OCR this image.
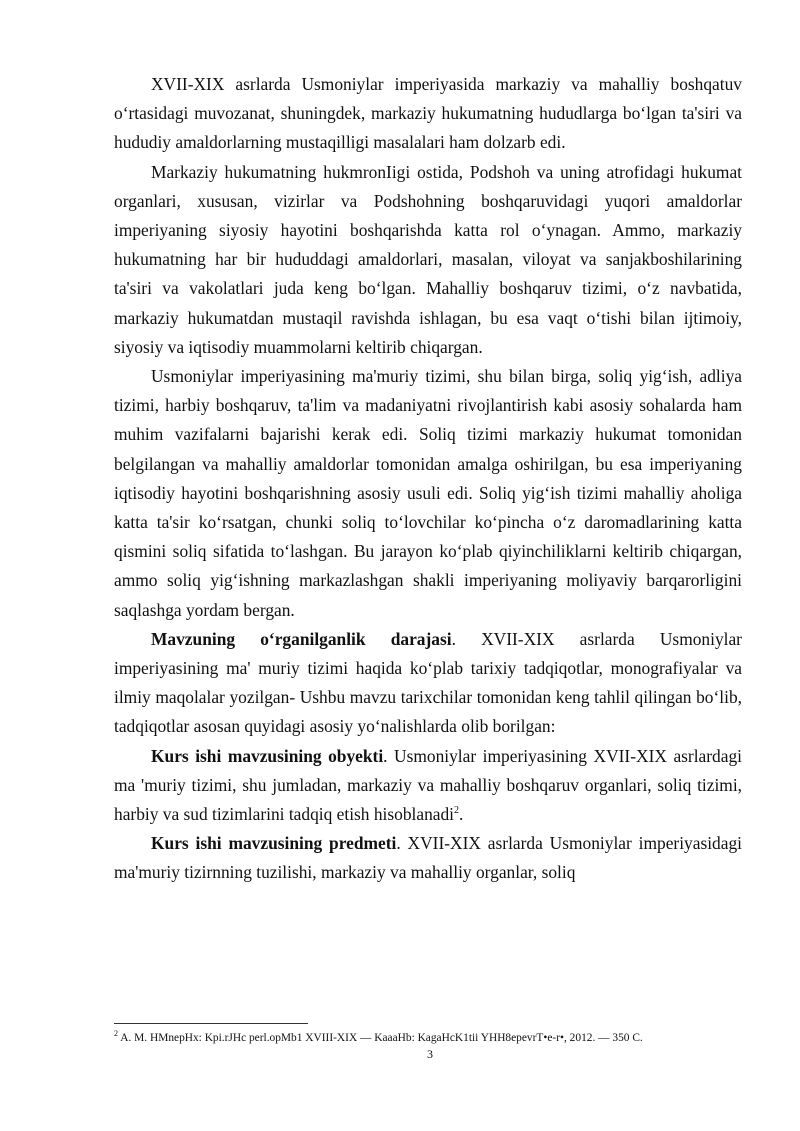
XVII-XIX asrlarda Usmoniylar imperiyasida markaziy va mahalliy boshqatuv oʻrtasidagi muvozanat, shuningdek, markaziy hukumatning hududlarga boʻlgan ta'siri va hududiy amaldorlarning mustaqilligi masalalari ham dolzarb edi.

Markaziy hukumatning hukmronIigi ostida, Podshoh va uning atrofidagi hukumat organlari, xususan, vizirlar va Podshohning boshqaruvidagi yuqori amaldorlar imperiyaning siyosiy hayotini boshqarishda katta rol oʻynagan. Ammo, markaziy hukumatning har bir hududdagi amaldorlari, masalan, viloyat va sanjakboshilarining ta'siri va vakolatlari juda keng boʻlgan. Mahalliy boshqaruv tizimi, oʻz navbatida, markaziy hukumatdan mustaqil ravishda ishlagan, bu esa vaqt oʻtishi bilan ijtimoiy, siyosiy va iqtisodiy muammolarni keltirib chiqargan.

Usmoniylar imperiyasining ma'muriy tizimi, shu bilan birga, soliq yigʻish, adliya tizimi, harbiy boshqaruv, ta'lim va madaniyatni rivojlantirish kabi asosiy sohalarda ham muhim vazifalarni bajarishi kerak edi. Soliq tizimi markaziy hukumat tomonidan belgilangan va mahalliy amaldorlar tomonidan amalga oshirilgan, bu esa imperiyaning iqtisodiy hayotini boshqarishning asosiy usuli edi. Soliq yigʻish tizimi mahalliy aholiga katta ta'sir koʻrsatgan, chunki soliq toʻlovchilar koʻpincha oʻz daromadlarining katta qismini soliq sifatida toʻlashgan. Bu jarayon koʻplab qiyinchiliklarni keltirib chiqargan, ammo soliq yigʻishning markazlashgan shakli imperiyaning moliyaviy barqarorligini saqlashga yordam bergan.

Mavzuning oʻrganilganlik darajasi. XVII-XIX asrlarda Usmoniylar imperiyasining ma' muriy tizimi haqida koʻplab tarixiy tadqiqotlar, monografiyalar va ilmiy maqolalar yozilgan- Ushbu mavzu tarixchilar tomonidan keng tahlil qilingan boʻlib, tadqiqotlar asosan quyidagi asosiy yoʻnalishlarda olib borilgan:

Kurs ishi mavzusining obyekti. Usmoniylar imperiyasining XVII-XIX asrlardagi ma 'muriy tizimi, shu jumladan, markaziy va mahalliy boshqaruv organlari, soliq tizimi, harbiy va sud tizimlarini tadqiq etish hisoblanadi$^2$.

Kurs ishi mavzusining predmeti. XVII-XIX asrlarda Usmoniylar imperiyasidagi ma'muriy tizirnning tuzilishi, markaziy va mahalliy organlar, soliq

$^2$ A. M. HMnepHx: Kpi.rJHc perl.opMb1 XVIII-XIX — KaaaHb: KagaHcK1tii YHH8epevrT•e-r•, 2012. — 350 C.
3
